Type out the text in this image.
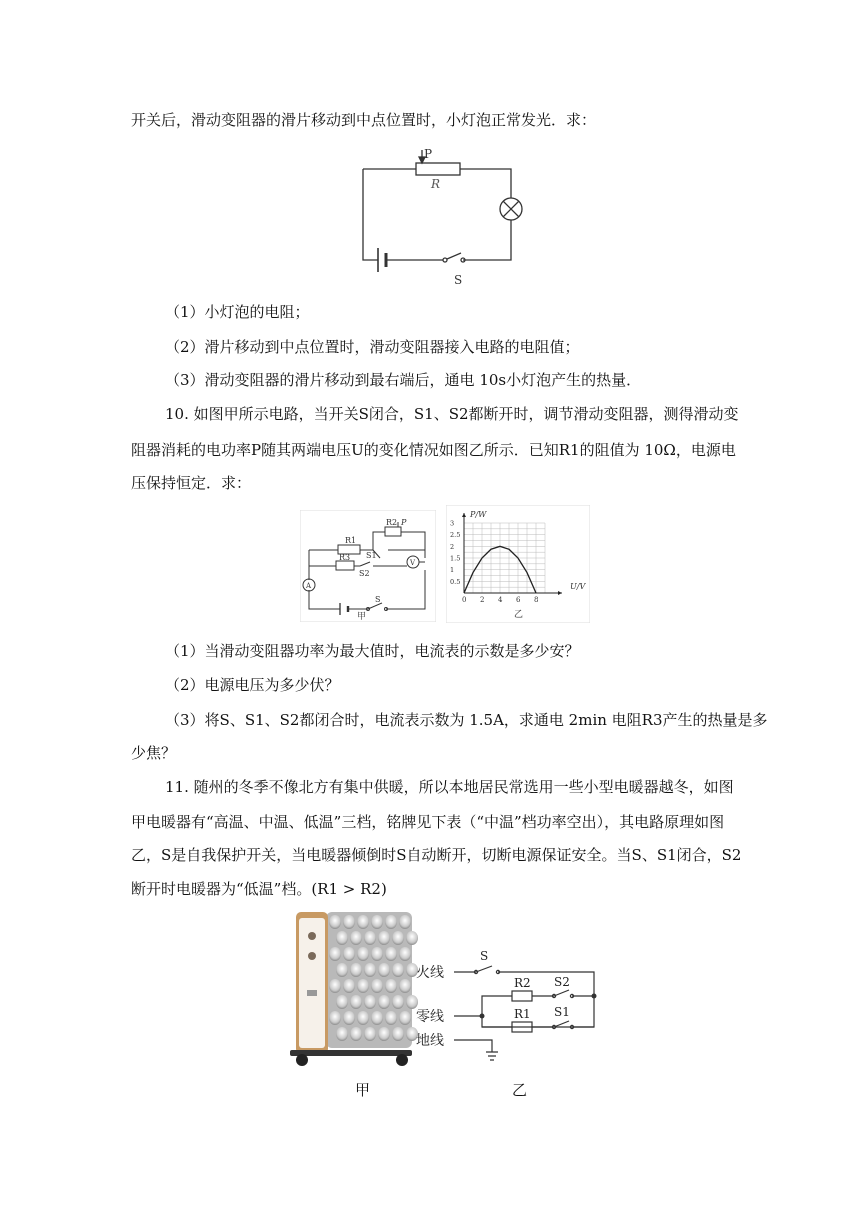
开关后，滑动变阻器的滑片移动到中点位置时，小灯泡正常发光．求：
P
R
S
（1）小灯泡的电阻；
（2）滑片移动到中点位置时，滑动变阻器接入电路的电阻值；
（3）滑动变阻器的滑片移动到最右端后，通电 10s小灯泡产生的热量．
10. 如图甲所示电路，当开关S闭合，S1、S2都断开时，调节滑动变阻器，测得滑动变
阻器消耗的电功率P随其两端电压U的变化情况如图乙所示．已知R1的阻值为 10Ω，电源电
压保持恒定．求：
R1
R3
R2 P
S1
S2
V
A
S
甲
0 2 4 6 8
0.5
1
1.5
2
2.5
3
P/W
U/V
乙
（1）当滑动变阻器功率为最大值时，电流表的示数是多少安？
（2）电源电压为多少伏？
（3）将S、S1、S2都闭合时，电流表示数为 1.5A，求通电 2min 电阻R3产生的热量是多
少焦？
11. 随州的冬季不像北方有集中供暖，所以本地居民常选用一些小型电暖器越冬，如图
甲电暖器有“高温、中温、低温”三档，铭牌见下表（“中温”档功率空出），其电路原理如图
乙，S是自我保护开关，当电暖器倾倒时S自动断开，切断电源保证安全。当S、S1闭合，S2
断开时电暖器为“低温”档。(R1 > R2)
甲
火线
零线
地线
S
R2
R1
S2
S1
乙
